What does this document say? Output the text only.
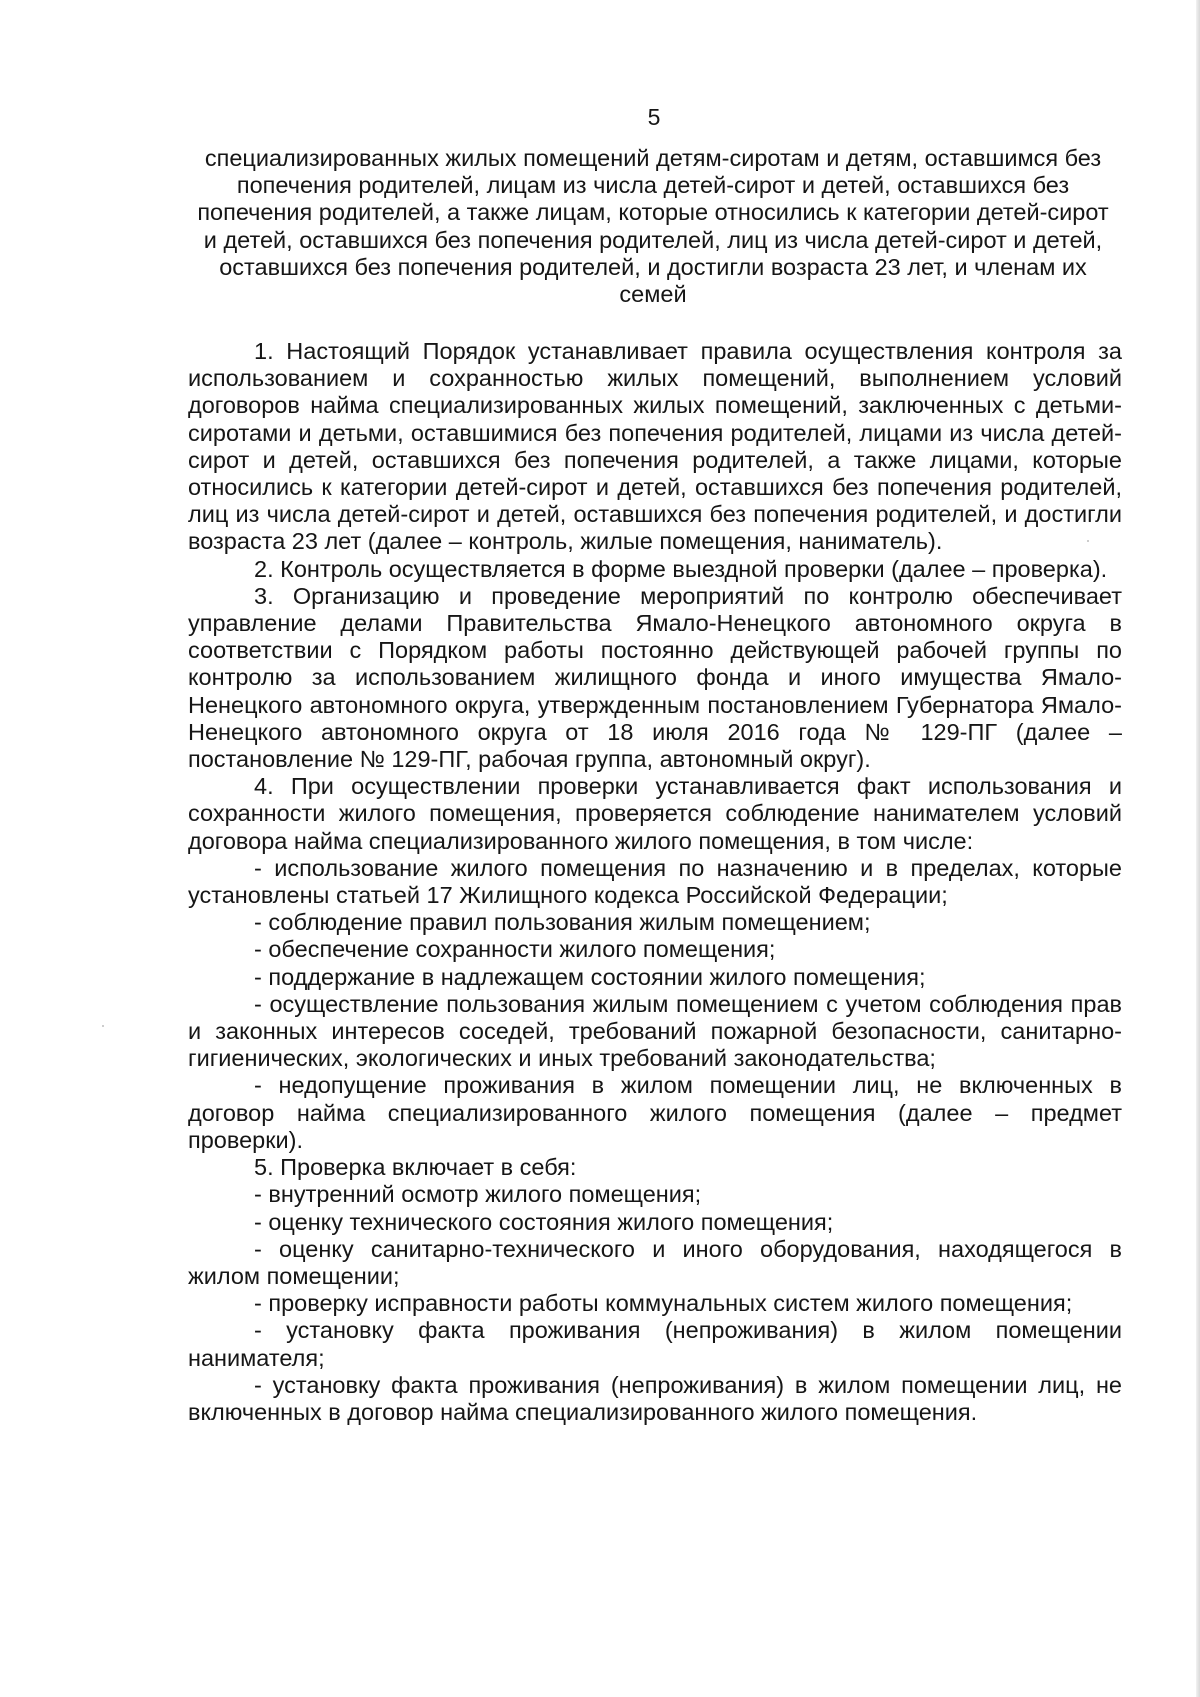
5
специализированных жилых помещений детям-сиротам и детям, оставшимся без попечения родителей, лицам из числа детей-сирот и детей, оставшихся без попечения родителей, а также лицам, которые относились к категории детей-сирот и детей, оставшихся без попечения родителей, лиц из числа детей-сирот и детей, оставшихся без попечения родителей, и достигли возраста 23 лет, и членам их семей

1. Настоящий Порядок устанавливает правила осуществления контроля за использованием и сохранностью жилых помещений, выполнением условий договоров найма специализированных жилых помещений, заключенных с детьми-сиротами и детьми, оставшимися без попечения родителей, лицами из числа детей-сирот и детей, оставшихся без попечения родителей, а также лицами, которые относились к категории детей-сирот и детей, оставшихся без попечения родителей, лиц из числа детей-сирот и детей, оставшихся без попечения родителей, и достигли возраста 23 лет (далее – контроль, жилые помещения, наниматель).

2. Контроль осуществляется в форме выездной проверки (далее – проверка).

3. Организацию и проведение мероприятий по контролю обеспечивает управление делами Правительства Ямало-Ненецкого автономного округа в соответствии с Порядком работы постоянно действующей рабочей группы по контролю за использованием жилищного фонда и иного имущества Ямало-Ненецкого автономного округа, утвержденным постановлением Губернатора Ямало-Ненецкого автономного округа от 18 июля 2016 года № 129-ПГ (далее – постановление № 129-ПГ, рабочая группа, автономный округ).

4. При осуществлении проверки устанавливается факт использования и сохранности жилого помещения, проверяется соблюдение нанимателем условий договора найма специализированного жилого помещения, в том числе:

- использование жилого помещения по назначению и в пределах, которые установлены статьей 17 Жилищного кодекса Российской Федерации;

- соблюдение правил пользования жилым помещением;

- обеспечение сохранности жилого помещения;

- поддержание в надлежащем состоянии жилого помещения;

- осуществление пользования жилым помещением с учетом соблюдения прав и законных интересов соседей, требований пожарной безопасности, санитарно-гигиенических, экологических и иных требований законодательства;

- недопущение проживания в жилом помещении лиц, не включенных в договор найма специализированного жилого помещения (далее – предмет проверки).

5. Проверка включает в себя:

- внутренний осмотр жилого помещения;

- оценку технического состояния жилого помещения;

- оценку санитарно-технического и иного оборудования, находящегося в жилом помещении;

- проверку исправности работы коммунальных систем жилого помещения;

- установку факта проживания (непроживания) в жилом помещении нанимателя;

- установку факта проживания (непроживания) в жилом помещении лиц, не включенных в договор найма специализированного жилого помещения.
